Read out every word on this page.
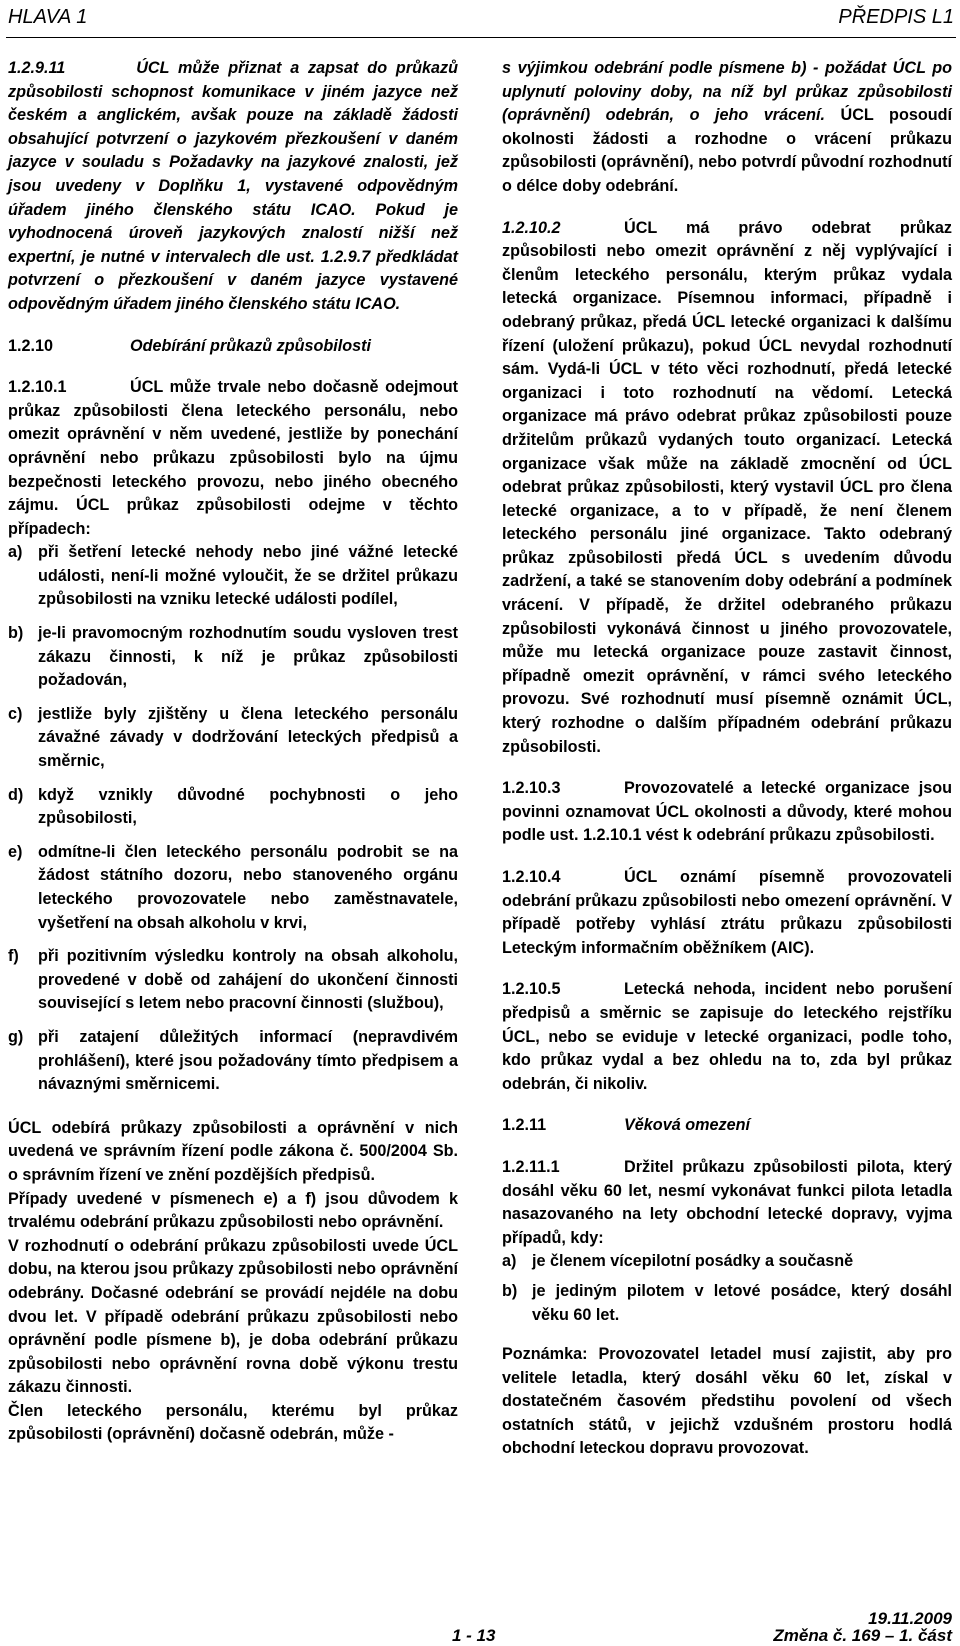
HLAVA 1	PŘEDPIS L1

1.2.9.11	ÚCL může přiznat a zapsat do průkazů způsobilosti schopnost komunikace v jiném jazyce než českém a anglickém, avšak pouze na základě žádosti obsahující potvrzení o jazykovém přezkoušení v daném jazyce v souladu s Požadavky na jazykové znalosti, jež jsou uvedeny v Doplňku 1, vystavené odpovědným úřadem jiného členského státu ICAO. Pokud je vyhodnocená úroveň jazykových znalostí nižší než expertní, je nutné v intervalech dle ust. 1.2.9.7 předkládat potvrzení o přezkoušení v daném jazyce vystavené odpovědným úřadem jiného členského státu ICAO.

1.2.10	Odebírání průkazů způsobilosti

1.2.10.1	ÚCL může trvale nebo dočasně odejmout průkaz způsobilosti člena leteckého personálu, nebo omezit oprávnění v něm uvedené, jestliže by ponechání oprávnění nebo průkazu způsobilosti bylo na újmu bezpečnosti leteckého provozu, nebo jiného obecného zájmu. ÚCL průkaz způsobilosti odejme v těchto případech:

a) při šetření letecké nehody nebo jiné vážné letecké události, není-li možné vyloučit, že se držitel průkazu způsobilosti na vzniku letecké události podílel,
b) je-li pravomocným rozhodnutím soudu vysloven trest zákazu činnosti, k níž je průkaz způsobilosti požadován,
c) jestliže byly zjištěny u člena leteckého personálu závažné závady v dodržování leteckých předpisů a směrnic,
d) když vznikly důvodné pochybnosti o jeho způsobilosti,
e) odmítne-li člen leteckého personálu podrobit se na žádost státního dozoru, nebo stanoveného orgánu leteckého provozovatele nebo zaměstnavatele, vyšetření na obsah alkoholu v krvi,
f)	při pozitivním výsledku kontroly na obsah alkoholu, provedené v době od zahájení do ukončení činnosti související s letem nebo pracovní činnosti (službou),
g) při zatajení důležitých informací (nepravdivém prohlášení), které jsou požadovány tímto předpisem a návaznými směrnicemi.

ÚCL odebírá průkazy způsobilosti a oprávnění v nich uvedená ve správním řízení podle zákona č. 500/2004 Sb. o správním řízení ve znění pozdějších předpisů.

Případy uvedené v písmenech e) a f) jsou důvodem k trvalému odebrání průkazu způsobilosti nebo oprávnění.

V rozhodnutí o odebrání průkazu způsobilosti uvede ÚCL dobu, na kterou jsou průkazy způsobilosti nebo oprávnění odebrány. Dočasné odebrání se provádí nejdéle na dobu dvou let. V případě odebrání průkazu způsobilosti nebo oprávnění podle písmene b), je doba odebrání průkazu způsobilosti nebo oprávnění rovna době výkonu trestu zákazu činnosti.

Člen leteckého personálu, kterému byl průkaz způsobilosti (oprávnění) dočasně odebrán, může -

s výjimkou odebrání podle písmene b) - požádat ÚCL po uplynutí poloviny doby, na níž byl průkaz způsobilosti (oprávnění) odebrán, o jeho vrácení. ÚCL posoudí okolnosti žádosti a rozhodne o vrácení průkazu způsobilosti (oprávnění), nebo potvrdí původní rozhodnutí o délce doby odebrání.

1.2.10.2	ÚCL má právo odebrat průkaz způsobilosti nebo omezit oprávnění z něj vyplývající i členům leteckého personálu, kterým průkaz vydala letecká organizace. Písemnou informaci, případně i odebraný průkaz, předá ÚCL letecké organizaci k dalšímu řízení (uložení průkazu), pokud ÚCL nevydal rozhodnutí sám. Vydá-li ÚCL v této věci rozhodnutí, předá letecké organizaci i toto rozhodnutí na vědomí. Letecká organizace má právo odebrat průkaz způsobilosti pouze držitelům průkazů vydaných touto organizací. Letecká organizace však může na základě zmocnění od ÚCL odebrat průkaz způsobilosti, který vystavil ÚCL pro člena letecké organizace, a to v případě, že není členem leteckého personálu jiné organizace. Takto odebraný průkaz způsobilosti předá ÚCL s uvedením důvodu zadržení, a také se stanovením doby odebrání a podmínek vrácení. V případě, že držitel odebraného průkazu způsobilosti vykonává činnost u jiného provozovatele, může mu letecká organizace pouze zastavit činnost, případně omezit oprávnění, v rámci svého leteckého provozu. Své rozhodnutí musí písemně oznámit ÚCL, který rozhodne o dalším případném odebrání průkazu způsobilosti.

1.2.10.3	Provozovatelé a letecké organizace jsou povinni oznamovat ÚCL okolnosti a důvody, které mohou podle ust. 1.2.10.1 vést k odebrání průkazu způsobilosti.

1.2.10.4	ÚCL oznámí písemně provozovateli odebrání průkazu způsobilosti nebo omezení oprávnění. V případě potřeby vyhlásí ztrátu průkazu způsobilosti Leteckým informačním oběžníkem (AIC).

1.2.10.5	Letecká nehoda, incident nebo porušení předpisů a směrnic se zapisuje do leteckého rejstříku ÚCL, nebo se eviduje v letecké organizaci, podle toho, kdo průkaz vydal a bez ohledu na to, zda byl průkaz odebrán, či nikoliv.

1.2.11	Věková omezení

1.2.11.1	Držitel průkazu způsobilosti pilota, který dosáhl věku 60 let, nesmí vykonávat funkci pilota letadla nasazovaného na lety obchodní letecké dopravy, vyjma případů, kdy:

a) je členem vícepilotní posádky a současně
b) je jediným pilotem v letové posádce, který dosáhl věku 60 let.

Poznámka: Provozovatel letadel musí zajistit, aby pro velitele letadla, který dosáhl věku 60 let, získal v dostatečném časovém předstihu povolení od všech ostatních států, v jejichž vzdušném prostoru hodlá obchodní leteckou dopravu provozovat.

19.11.2009
1 - 13	Změna č. 169 – 1. část
